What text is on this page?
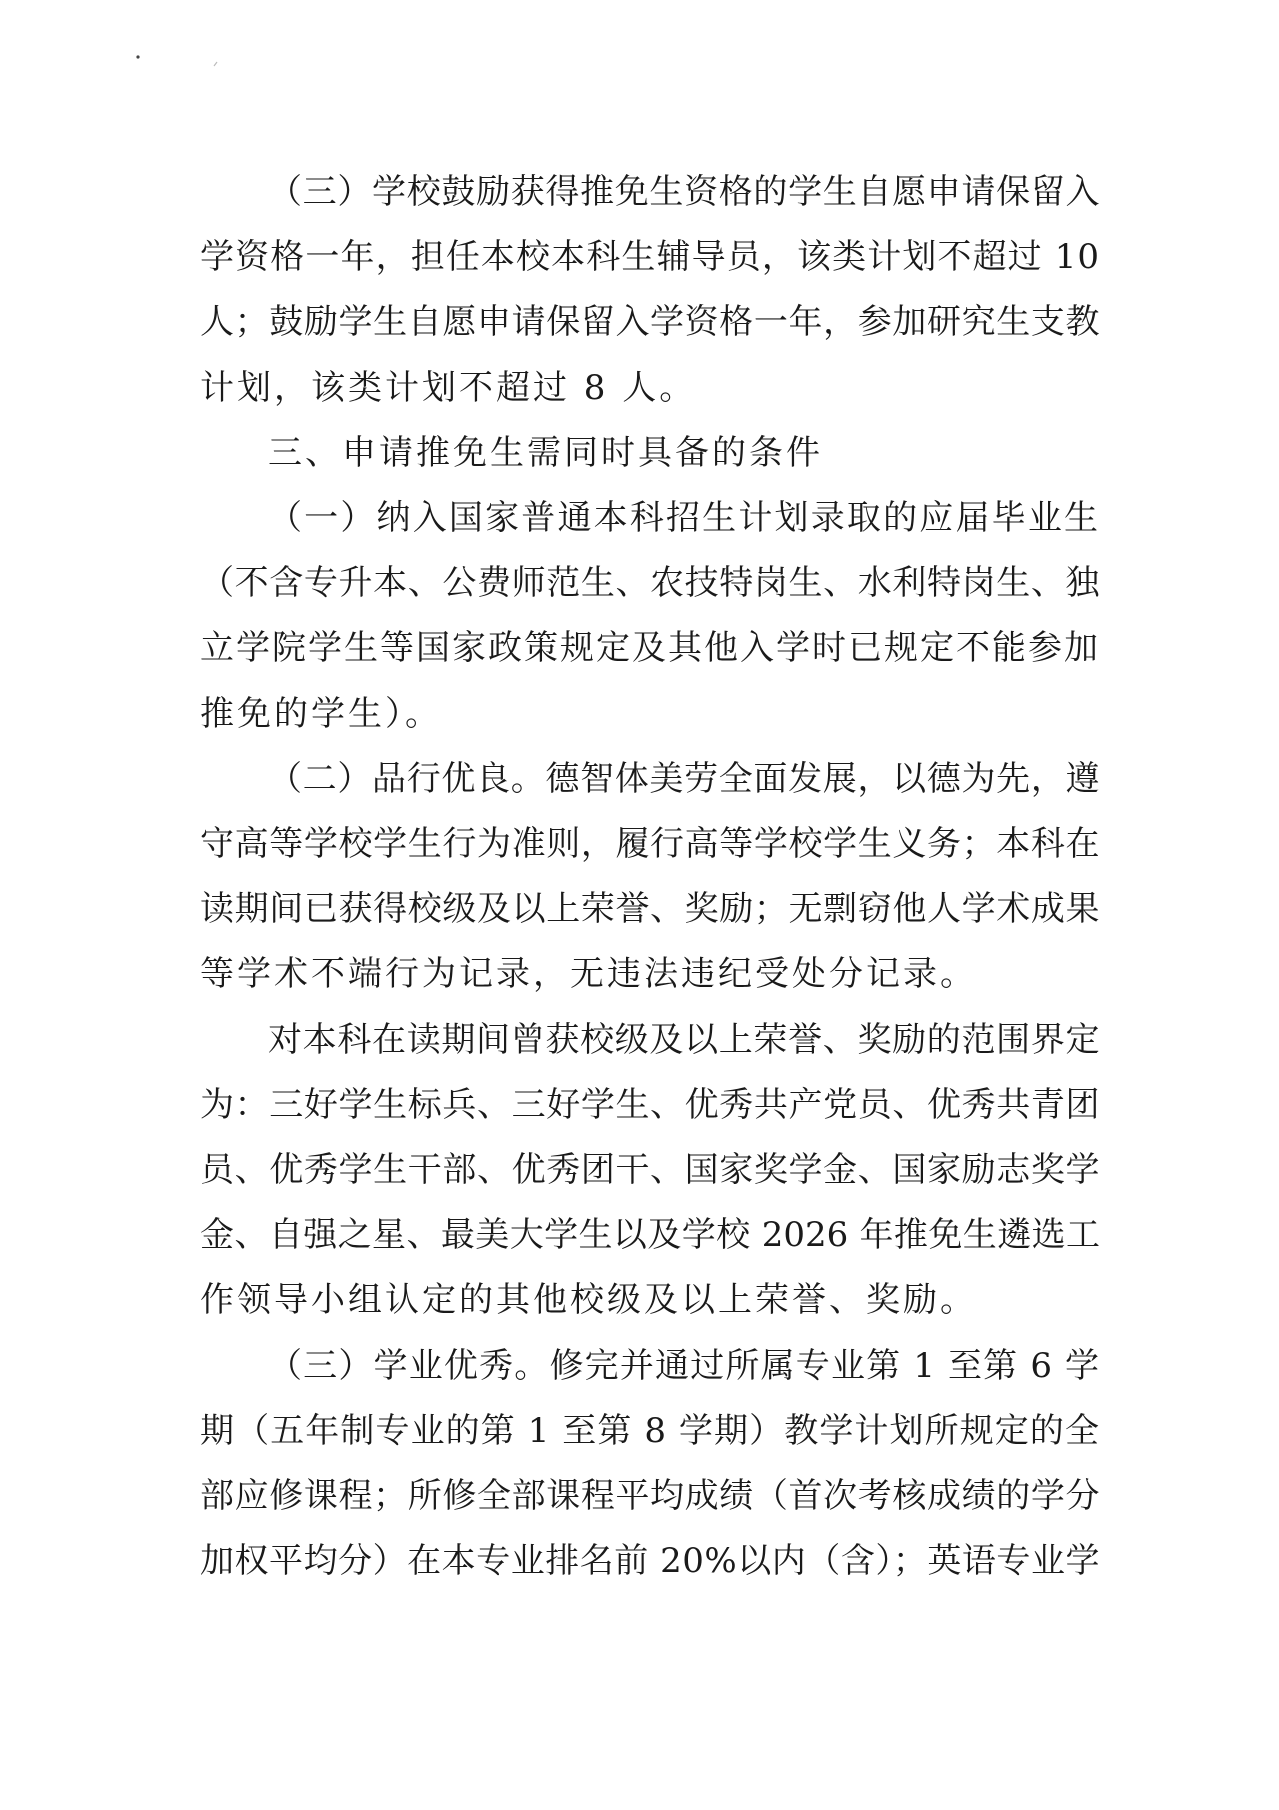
（三）学校鼓励获得推免生资格的学生自愿申请保留入
学资格一年，担任本校本科生辅导员，该类计划不超过 10
人；鼓励学生自愿申请保留入学资格一年，参加研究生支教
计划，该类计划不超过 8 人。
三、申请推免生需同时具备的条件
（一）纳入国家普通本科招生计划录取的应届毕业生
（不含专升本、公费师范生、农技特岗生、水利特岗生、独
立学院学生等国家政策规定及其他入学时已规定不能参加
推免的学生）。
（二）品行优良。德智体美劳全面发展，以德为先，遵
守高等学校学生行为准则，履行高等学校学生义务；本科在
读期间已获得校级及以上荣誉、奖励；无剽窃他人学术成果
等学术不端行为记录，无违法违纪受处分记录。
对本科在读期间曾获校级及以上荣誉、奖励的范围界定
为：三好学生标兵、三好学生、优秀共产党员、优秀共青团
员、优秀学生干部、优秀团干、国家奖学金、国家励志奖学
金、自强之星、最美大学生以及学校 2026 年推免生遴选工
作领导小组认定的其他校级及以上荣誉、奖励。
（三）学业优秀。修完并通过所属专业第 1 至第 6 学
期（五年制专业的第 1 至第 8 学期）教学计划所规定的全
部应修课程；所修全部课程平均成绩（首次考核成绩的学分
加权平均分）在本专业排名前 20%以内（含）；英语专业学
